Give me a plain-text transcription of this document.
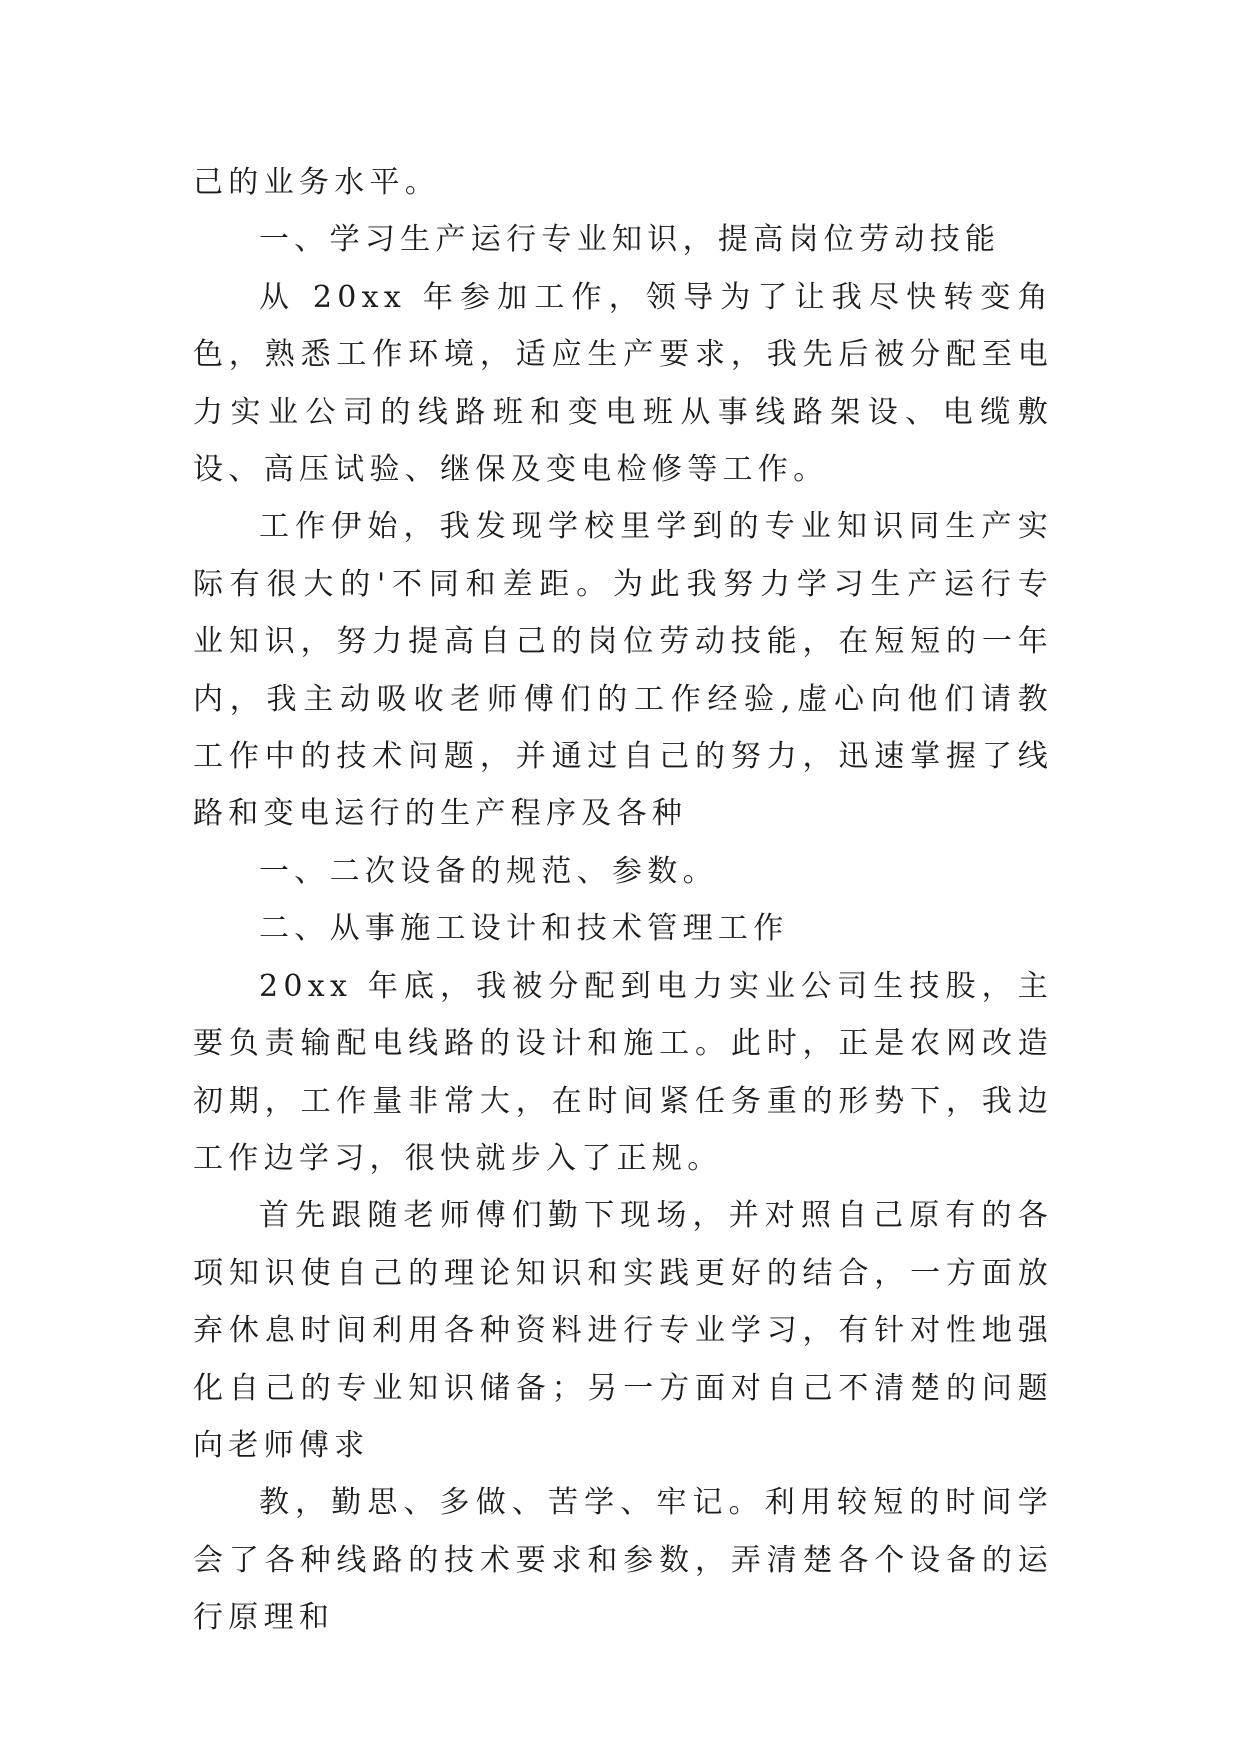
己的业务水平。

一、学习生产运行专业知识，提高岗位劳动技能

从 20xx 年参加工作，领导为了让我尽快转变角色，熟悉工作环境，适应生产要求，我先后被分配至电力实业公司的线路班和变电班从事线路架设、电缆敷设、高压试验、继保及变电检修等工作。

工作伊始，我发现学校里学到的专业知识同生产实际有很大的'不同和差距。为此我努力学习生产运行专业知识，努力提高自己的岗位劳动技能，在短短的一年内，我主动吸收老师傅们的工作经验,虚心向他们请教工作中的技术问题，并通过自己的努力，迅速掌握了线路和变电运行的生产程序及各种

一、二次设备的规范、参数。

二、从事施工设计和技术管理工作

20xx 年底，我被分配到电力实业公司生技股，主要负责输配电线路的设计和施工。此时，正是农网改造初期，工作量非常大，在时间紧任务重的形势下，我边工作边学习，很快就步入了正规。

首先跟随老师傅们勤下现场，并对照自己原有的各项知识使自己的理论知识和实践更好的结合，一方面放弃休息时间利用各种资料进行专业学习，有针对性地强化自己的专业知识储备；另一方面对自己不清楚的问题向老师傅求

教，勤思、多做、苦学、牢记。利用较短的时间学会了各种线路的技术要求和参数，弄清楚各个设备的运行原理和
